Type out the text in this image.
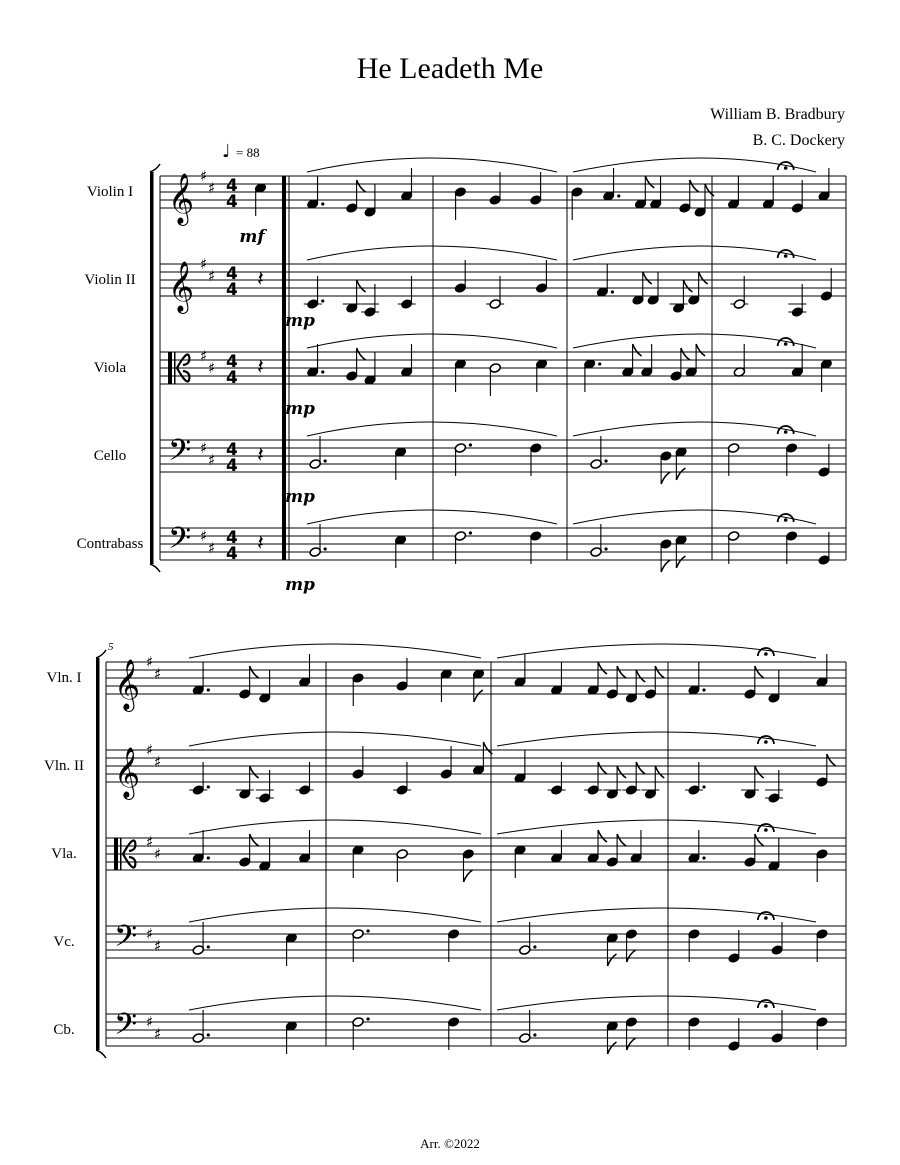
He Leadeth Me
William B. Bradbury
B. C. Dockery
Arr. ©2022
♩ = 88
Violin I 𝄞 ♯
♯ 4
4
mf
Violin II 𝄞 ♯
♯ 4
4
mp
𝄽
Viola
♯
♯ 4
4
mp
𝄽
Cello 𝄢 ♯
♯ 4
4
mp
𝄽
Contrabass 𝄢 ♯
♯ 4
4
mp
𝄽
5
Vln. I 𝄞 ♯
♯
Vln. II 𝄞 ♯
♯
Vla.
♯
♯
Vc. 𝄢 ♯
♯
Cb. 𝄢 ♯
♯
